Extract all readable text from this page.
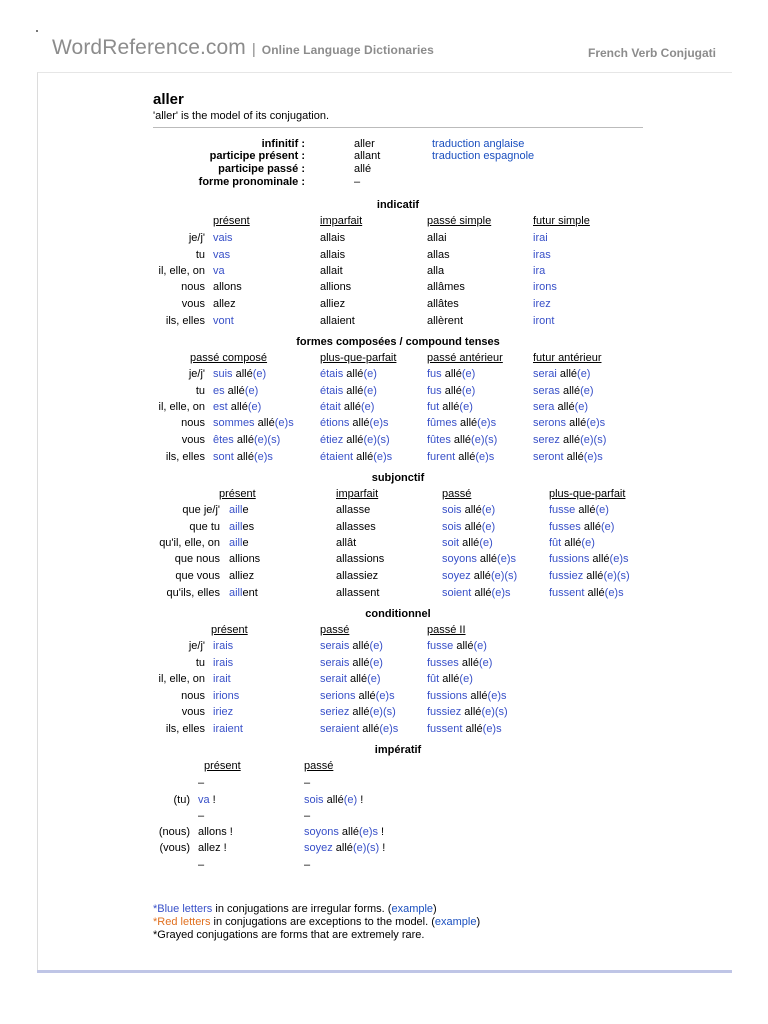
WordReference.com | Online Language Dictionaries	French Verb Conjugati
aller
'aller' is the model of its conjugation.
infinitif :	aller	traduction anglaise
participe présent :	allant	traduction espagnole
participe passé :	allé
forme pronominale :	–
indicatif
présent	imparfait	passé simple	futur simple
je/j' vais	allais	allai	irai
tu vas	allais	allas	iras
il, elle, on va	allait	alla	ira
nous allons	allions	allâmes	irons
vous allez	alliez	allâtes	irez
ils, elles vont	allaient	allèrent	iront
formes composées / compound tenses
passé composé	plus-que-parfait	passé antérieur	futur antérieur
je/j' suis allé(e)	étais allé(e)	fus allé(e)	serai allé(e)
tu es allé(e)	étais allé(e)	fus allé(e)	seras allé(e)
il, elle, on est allé(e)	était allé(e)	fut allé(e)	sera allé(e)
nous sommes allé(e)s étions allé(e)s	fûmes allé(e)s	serons allé(e)s
vous êtes allé(e)(s)	étiez allé(e)(s)	fûtes allé(e)(s)	serez allé(e)(s)
ils, elles sont allé(e)s	étaient allé(e)s	furent allé(e)s	seront allé(e)s
subjonctif
présent	imparfait	passé	plus-que-parfait
que je/j' aille	allasse	sois allé(e)	fusse allé(e)
que tu ailles	allasses	sois allé(e)	fusses allé(e)
qu'il, elle, on aille	allât	soit allé(e)	fût allé(e)
que nous allions	allassions	soyons allé(e)s	fussions allé(e)s
que vous alliez	allassiez	soyez allé(e)(s)	fussiez allé(e)(s)
qu'ils, elles aillent	allassent	soient allé(e)s	fussent allé(e)s
conditionnel
présent	passé	passé II
je/j' irais	serais allé(e)	fusse allé(e)
tu irais	serais allé(e)	fusses allé(e)
il, elle, on irait	serait allé(e)	fût allé(e)
nous irions	serions allé(e)s	fussions allé(e)s
vous iriez	seriez allé(e)(s)	fussiez allé(e)(s)
ils, elles iraient	seraient allé(e)s	fussent allé(e)s
impératif
présent	passé
–	–
(tu) va !	sois allé(e) !
–	–
(nous) allons !	soyons allé(e)s !
(vous) allez !	soyez allé(e)(s) !
–	–
*Blue letters in conjugations are irregular forms. (example)
*Red letters in conjugations are exceptions to the model. (example)
*Grayed conjugations are forms that are extremely rare.
